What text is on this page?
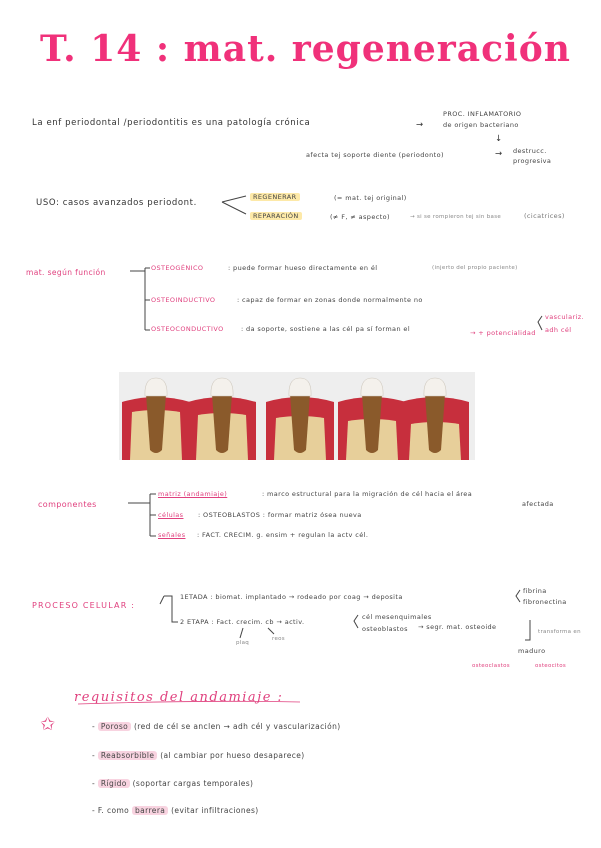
T. 14 : mat. regeneración
La enf periodontal /periodontitis es una patología crónica	→
PROC. INFLAMATORIO
de origen bacteriano
↓
afecta tej soporte diente (periodonto)	→ destrucc.
progresiva
USO: casos avanzados periodont.
REGENERAR	(= mat. tej original)
REPARACIÓN	(≠ F, ≠ aspecto)	→ si se rompieron tej sin base	(cicatrices)
mat. según función	OSTEOGÉNICO	: puede formar hueso directamente en él	(injerto del propio paciente)
OSTEOINDUCTIVO	: capaz de formar en zonas donde normalmente no
OSTEOCONDUCTIVO	: da soporte, sostiene a las cél pa sí forman el	→ + potencialidad
vasculariz.
adh cél
componentes
matriz (andamiaje)	: marco estructural para la migración de cél hacia el área
afectada
células : OSTEOBLASTOS : formar matriz ósea nueva
señales : FACT. CRECIM. g. ensim + regulan la actv cél.
PROCESO CELULAR :
1ETADA : biomat. implantado → rodeado por coag → deposita
fibrina
fibronectina
2 ETAPA : Fact. crecim. cb → activ.
cél mesenquimales
osteoblastos → segr. mat. osteoide
transforma en
plaq
reos
maduro
osteoclastos	osteocitos
requisitos del andamiaje :
✩	- Poroso (red de cél se anclen → adh cél y vascularización)
- Reabsorbible (al cambiar por hueso desaparece)
- Rígido (soportar cargas temporales)
- F. como barrera (evitar infiltraciones)
